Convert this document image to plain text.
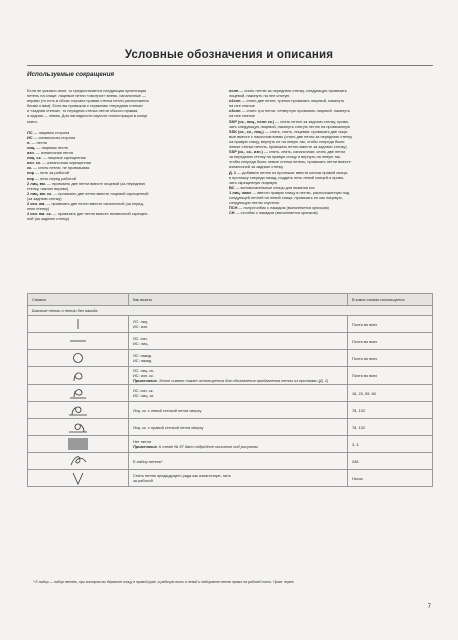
Условные обозначения и описания
Используемые сокращения
Если не указано иное, то предполагается следующая ориентация
петель на спице: лицевые петли «смотрят» влево, изнаночные —
вправо (то есть в обоих случаях правая стенка петли расположена
ближе к вам). Если вы привыкли к терминам «передняя стенка»
и «задняя стенка», то передняя стенка петли обычно правая,
а задняя — левая. Для наглядности изучите иллюстрации в конце
книги.
ЛС — лицевая сторона
ИС — изнаночная сторона
п. — петля
лиц. — лицевая петля
изн. — изнаночная петля
лиц. ск. — лицевое скрещенная
изн. ск. — изнаночная скрещенная
ск. — снять петлю, не провязывая
нпр — нить за работой
нпр — нить перед работой
2 лиц. вм. — провязать две петли вместе лицевой (за переднюю
стенку, наклон вправо)
2 лиц. вм. ск. — провязать две петли вместе лицевой скрещенной
(за заднюю стенку)
2 изн. вм. — провязать две петли вместе изнаночной (за перед-
нюю стенку)
2 изн. вм. ск. — провязать две петли вместе изнаночной скрещен-
ной (за заднюю стенку)
нслп — снять петлю за переднюю стенку, следующую провязать
лицевой, накинуть на нее снятую
н2слп — снять две петли, третью провязать лицевой, накинуть
на нее снятые
н3слп — снять три петли, четвертую провязать лицевой, накинуть
на нее снятые
SKP (ск., лиц., нслп ск.) — снять петлю за заднюю стенку, прова-
зать следующую лицевой, накинуть снятую петлю на провязанную
SSK (ск., ск., лиц.) — снять, снять, лицевая: провязать две лице-
вые вместе с наклоном влево (снять две петли за переднюю стенку
на правую спицу, вернуть их на левую так, чтобы спереди были
левые стенки петель, провязать петли вместе за заднюю стенку)
SSP (ск., ск., изн.) — снять, снять, изнаночная: снять две петли
за переднюю стенку на правую спицу и вернуть на левую так,
чтобы спереди были левые стенки петель, провязать петли вместе
изнаночной за заднюю стенку
Д. 1 — добавить петлю из протяжки: ввести кончик правой спицы
в протяжку спереди назад, поддеть нить левой спицей и провя-
зать скрещенную лицевую
ВС — вспомогательные спицы для вязания кос
1 лиц. ниже — ввести правую спицу в петлю, расположенную под
следующей петлей на левой спице, провязать ее как лицевую,
следующую петлю спустить
ПСН — полустолбик с накидом (выполняется крючком)
СН — столбик с накидом (выполняется крючком)
Символ	Как вязать	В каких схемах используется
Базовые петли и петли без накида		

ЛС: лиц.
ИС: изн.	Почти во всех

ЛС: изн.
ИС: лиц.	Почти во всех

ЛС: накид
ИС: накид	Почти во всех

ЛС: лиц. ск.
ИС: изн. ск.
Примечание. Этот символ также используется для обозначения прибавления петли из протяжки (Д. 1)	Почти во всех

ЛС: изн. ск.
ИС: лиц. ск.	16, 23, 59, 65

Лиц. ск. с левой стенкой петли сверху	78, 132

Лиц. ск. с правой стенкой петли сверху	78, 132

Нет петли
Примечание. К схеме № 87 дано подробное описание под рисунком	3, 4

Е-набор петель*	246

Снять петлю предыдущего ряда как изнаночную, нить
за работой	Носок
* Е-набор — набор петель, при котором вы держите спицу в правой руке, а рабочую нить в левой и набираете петли прямо на рабочей нити. Прим. перев.
7
